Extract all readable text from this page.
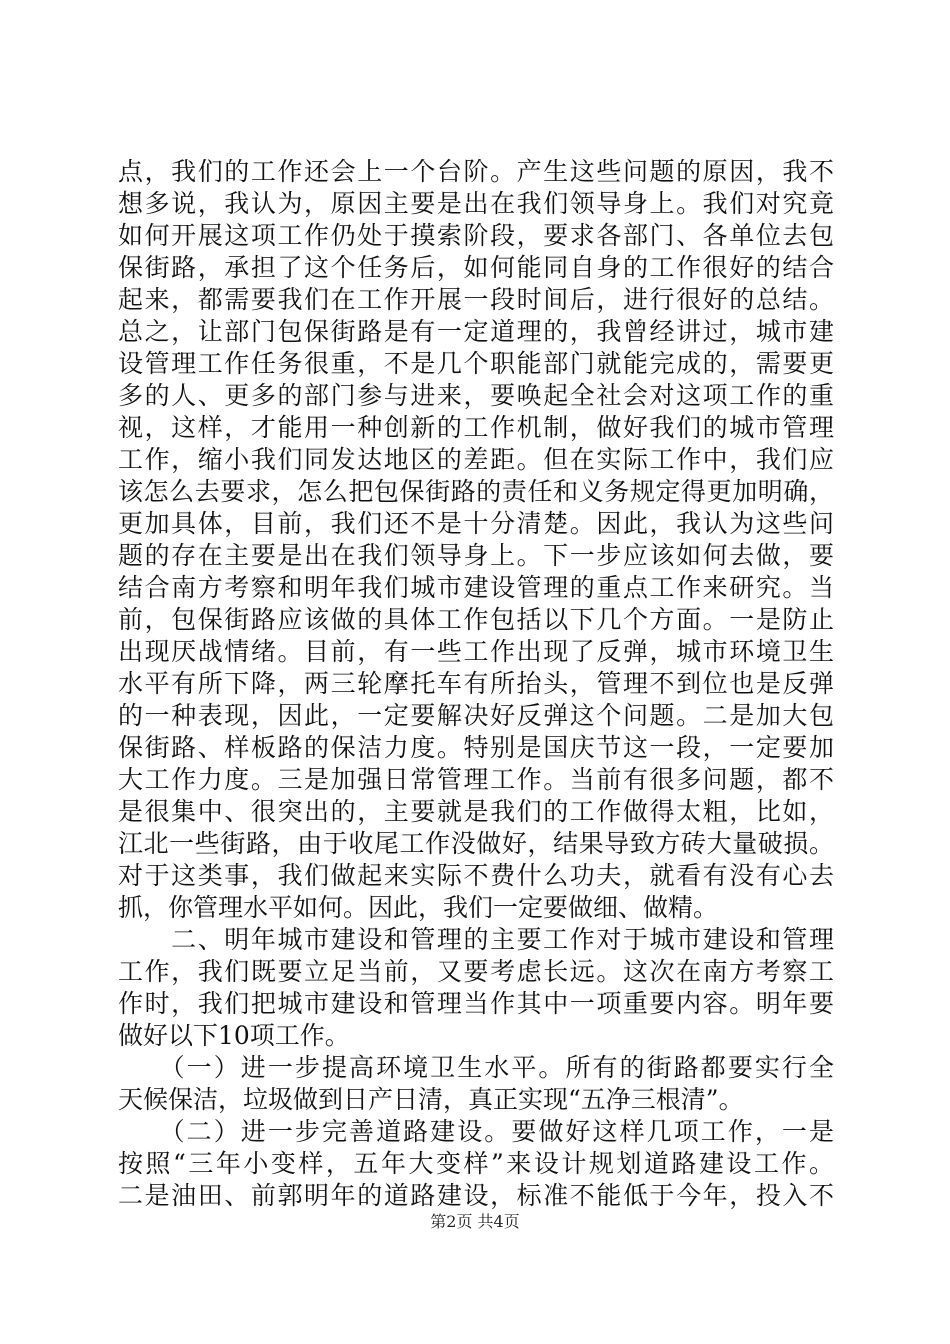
点，我们的工作还会上一个台阶。产生这些问题的原因，我不
想多说，我认为，原因主要是出在我们领导身上。我们对究竟
如何开展这项工作仍处于摸索阶段，要求各部门、各单位去包
保街路，承担了这个任务后，如何能同自身的工作很好的结合
起来，都需要我们在工作开展一段时间后，进行很好的总结。
总之，让部门包保街路是有一定道理的，我曾经讲过，城市建
设管理工作任务很重，不是几个职能部门就能完成的，需要更
多的人、更多的部门参与进来，要唤起全社会对这项工作的重
视，这样，才能用一种创新的工作机制，做好我们的城市管理
工作，缩小我们同发达地区的差距。但在实际工作中，我们应
该怎么去要求，怎么把包保街路的责任和义务规定得更加明确，
更加具体，目前，我们还不是十分清楚。因此，我认为这些问
题的存在主要是出在我们领导身上。下一步应该如何去做，要
结合南方考察和明年我们城市建设管理的重点工作来研究。当
前，包保街路应该做的具体工作包括以下几个方面。一是防止
出现厌战情绪。目前，有一些工作出现了反弹，城市环境卫生
水平有所下降，两三轮摩托车有所抬头，管理不到位也是反弹
的一种表现，因此，一定要解决好反弹这个问题。二是加大包
保街路、样板路的保洁力度。特别是国庆节这一段，一定要加
大工作力度。三是加强日常管理工作。当前有很多问题，都不
是很集中、很突出的，主要就是我们的工作做得太粗，比如，
江北一些街路，由于收尾工作没做好，结果导致方砖大量破损。
对于这类事，我们做起来实际不费什么功夫，就看有没有心去
抓，你管理水平如何。因此，我们一定要做细、做精。
　　二、明年城市建设和管理的主要工作对于城市建设和管理
工作，我们既要立足当前，又要考虑长远。这次在南方考察工
作时，我们把城市建设和管理当作其中一项重要内容。明年要
做好以下10项工作。
　　（一）进一步提高环境卫生水平。所有的街路都要实行全
天候保洁，垃圾做到日产日清，真正实现“五净三根清”。
　　（二）进一步完善道路建设。要做好这样几项工作，一是
按照“三年小变样，五年大变样”来设计规划道路建设工作。
二是油田、前郭明年的道路建设，标准不能低于今年，投入不
第2页 共4页
